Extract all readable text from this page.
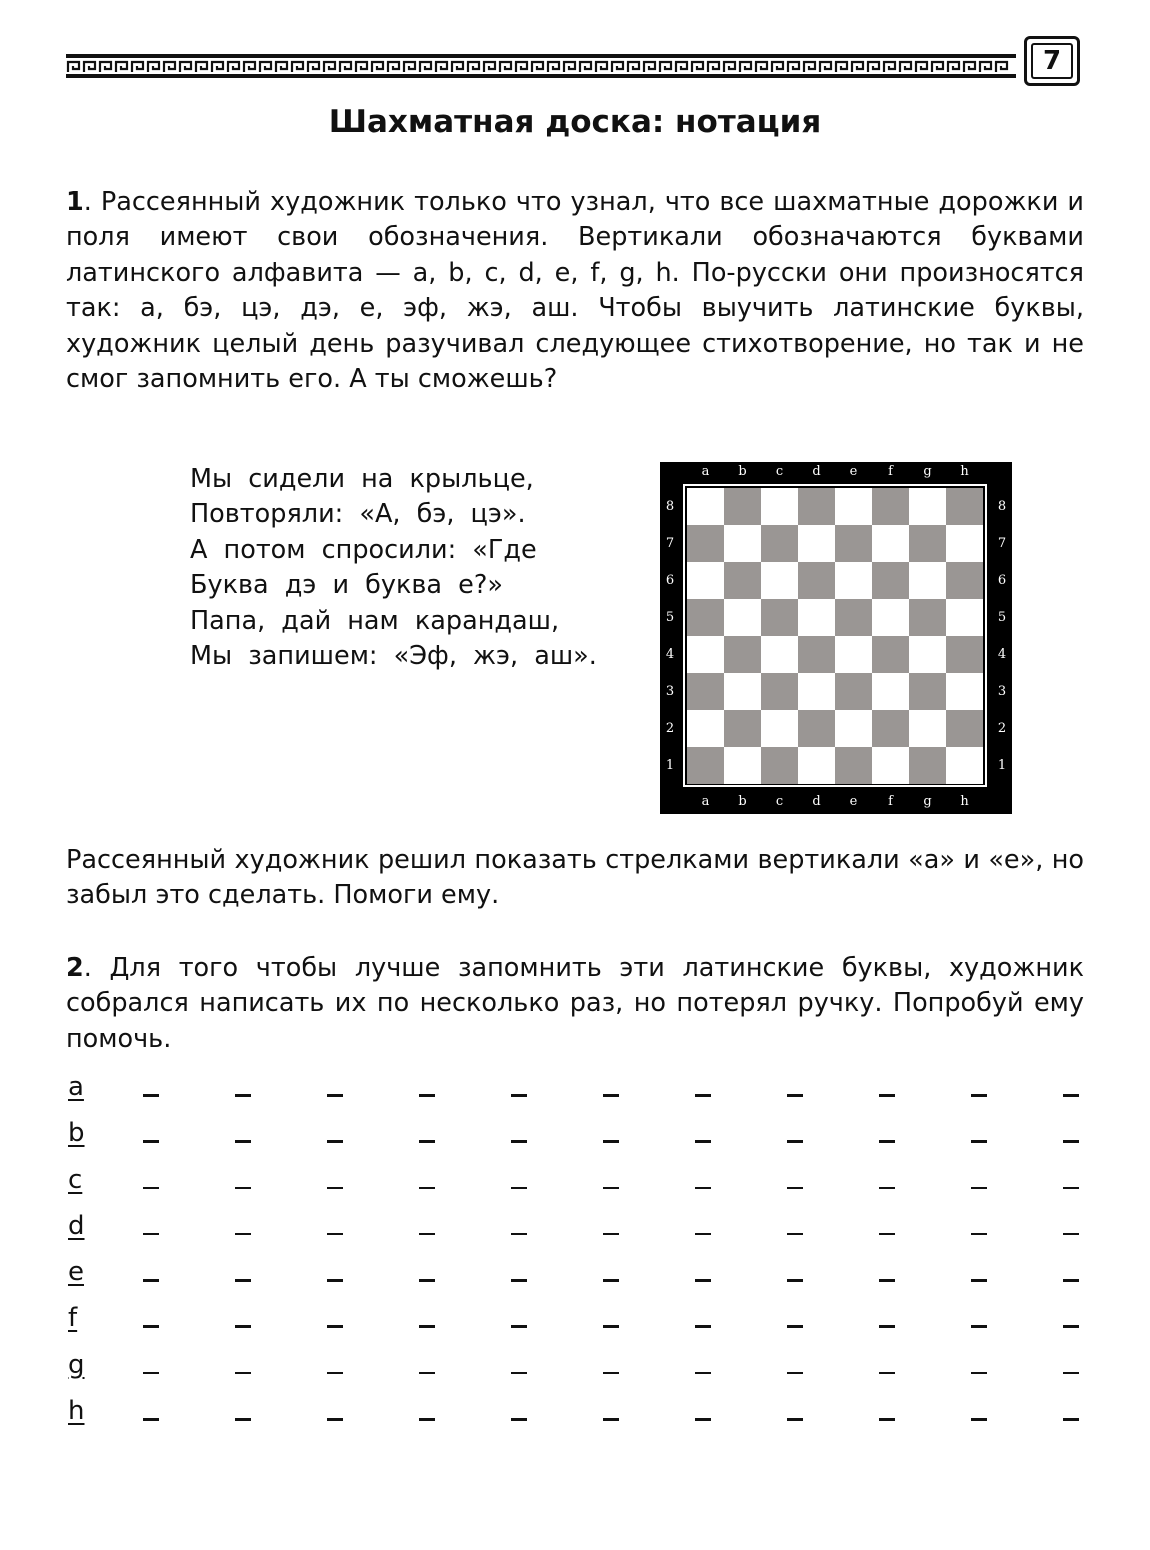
7
Шахматная доска: нотация

1. Рассеянный художник только что узнал, что все шахматные дорожки и поля имеют свои обозначения. Вертикали обозначаются буквами латинского алфавита — a, b, c, d, e, f, g, h. По-русски они произносятся так: а, бэ, цэ, дэ, е, эф, жэ, аш. Чтобы выучить латинские буквы, художник целый день разучивал следующее стихотворение, но так и не смог запомнить его. А ты сможешь?

Мы сидели на крыльце,
Повторяли: «А, бэ, цэ».
А потом спросили: «Где
Буква дэ и буква е?»
Папа, дай нам карандаш,
Мы запишем: «Эф, жэ, аш».
a
a
b
b
c
c
d
d
e
e
f
f
g
g
h
h
8	8
7	7
6	6
5	5
4	4
3	3
2	2
1	1

Рассеянный художник решил показать стрелками вертикали «a» и «e», но забыл это сделать. Помоги ему.

2. Для того чтобы лучше запомнить эти латинские буквы, художник собрался написать их по несколько раз, но потерял ручку. Попробуй ему помочь.

a
b
c
d
e
f
g
h
